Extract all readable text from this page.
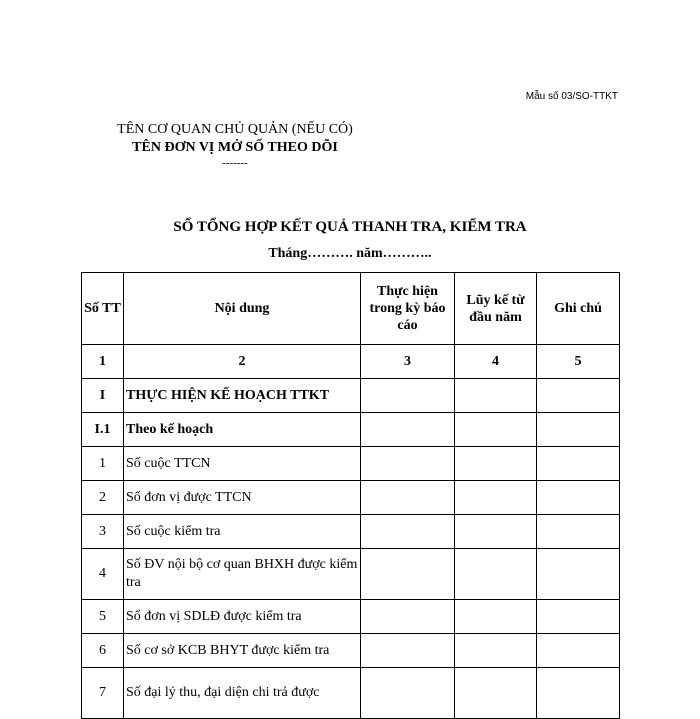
Mẫu số 03/SO-TTKT
TÊN CƠ QUAN CHỦ QUẢN (NẾU CÓ)
TÊN ĐƠN VỊ MỞ SỐ THEO DÕI
-------
SỔ TỔNG HỢP KẾT QUẢ THANH TRA, KIỂM TRA
Tháng………. năm………..
Số TT	Nội dung	Thực hiện trong kỳ báo cáo	Lũy kế từ đầu năm	Ghi chú
1	2	3	4	5
I	THỰC HIỆN KẾ HOẠCH TTKT			
I.1	Theo kế hoạch			
1	Số cuộc TTCN			
2	Số đơn vị được TTCN			
3	Số cuộc kiểm tra			
4	Số ĐV nội bộ cơ quan BHXH được kiểm tra			
5	Số đơn vị SDLĐ được kiểm tra			
6	Số cơ sở KCB BHYT được kiểm tra			
7	Số đại lý thu, đại diện chi trả được			
